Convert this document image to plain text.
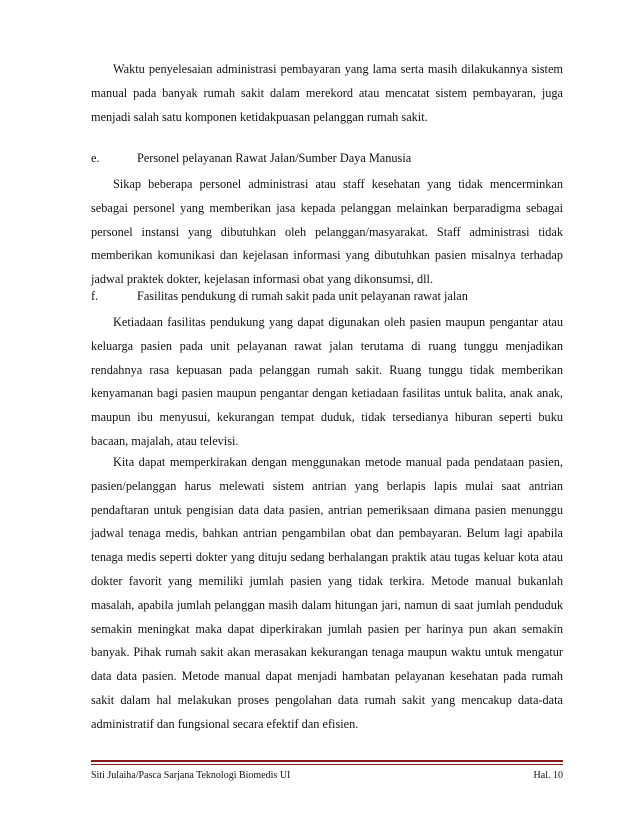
Waktu penyelesaian administrasi pembayaran yang lama serta masih dilakukannya sistem manual pada banyak rumah sakit dalam merekord atau mencatat sistem pembayaran, juga menjadi salah satu komponen ketidakpuasan pelanggan rumah sakit.

e.	Personel pelayanan Rawat Jalan/Sumber Daya Manusia

Sikap beberapa personel administrasi atau staff kesehatan yang tidak mencerminkan sebagai personel yang memberikan jasa kepada pelanggan melainkan berparadigma sebagai personel instansi yang dibutuhkan oleh pelanggan/masyarakat. Staff administrasi tidak memberikan komunikasi dan kejelasan informasi yang dibutuhkan pasien misalnya terhadap jadwal praktek dokter, kejelasan informasi obat yang dikonsumsi, dll.

f.	Fasilitas pendukung di rumah sakit pada unit pelayanan rawat jalan

Ketiadaan fasilitas pendukung yang dapat digunakan oleh pasien maupun pengantar atau keluarga pasien pada unit pelayanan rawat jalan terutama di ruang tunggu menjadikan rendahnya rasa kepuasan pada pelanggan rumah sakit. Ruang tunggu tidak memberikan kenyamanan bagi pasien maupun pengantar dengan ketiadaan fasilitas untuk balita, anak anak, maupun ibu menyusui, kekurangan tempat duduk, tidak tersedianya hiburan seperti buku bacaan, majalah, atau televisi.

Kita dapat memperkirakan dengan menggunakan metode manual pada pendataan pasien, pasien/pelanggan harus melewati sistem antrian yang berlapis lapis mulai saat antrian pendaftaran untuk pengisian data data pasien, antrian pemeriksaan dimana pasien menunggu jadwal tenaga medis, bahkan antrian pengambilan obat dan pembayaran. Belum lagi apabila tenaga medis seperti dokter yang dituju sedang berhalangan praktik atau tugas keluar kota atau dokter favorit yang memiliki jumlah pasien yang tidak terkira. Metode manual bukanlah masalah, apabila jumlah pelanggan masih dalam hitungan jari, namun di saat jumlah penduduk semakin meningkat maka dapat diperkirakan jumlah pasien per harinya pun akan semakin banyak. Pihak rumah sakit akan merasakan kekurangan tenaga maupun waktu untuk mengatur data data pasien. Metode manual dapat menjadi hambatan pelayanan kesehatan pada rumah sakit dalam hal melakukan proses pengolahan data rumah sakit yang mencakup data-data administratif dan fungsional secara efektif dan efisien.

Siti Julaiha/Pasca Sarjana Teknologi Biomedis UI	Hal. 10
